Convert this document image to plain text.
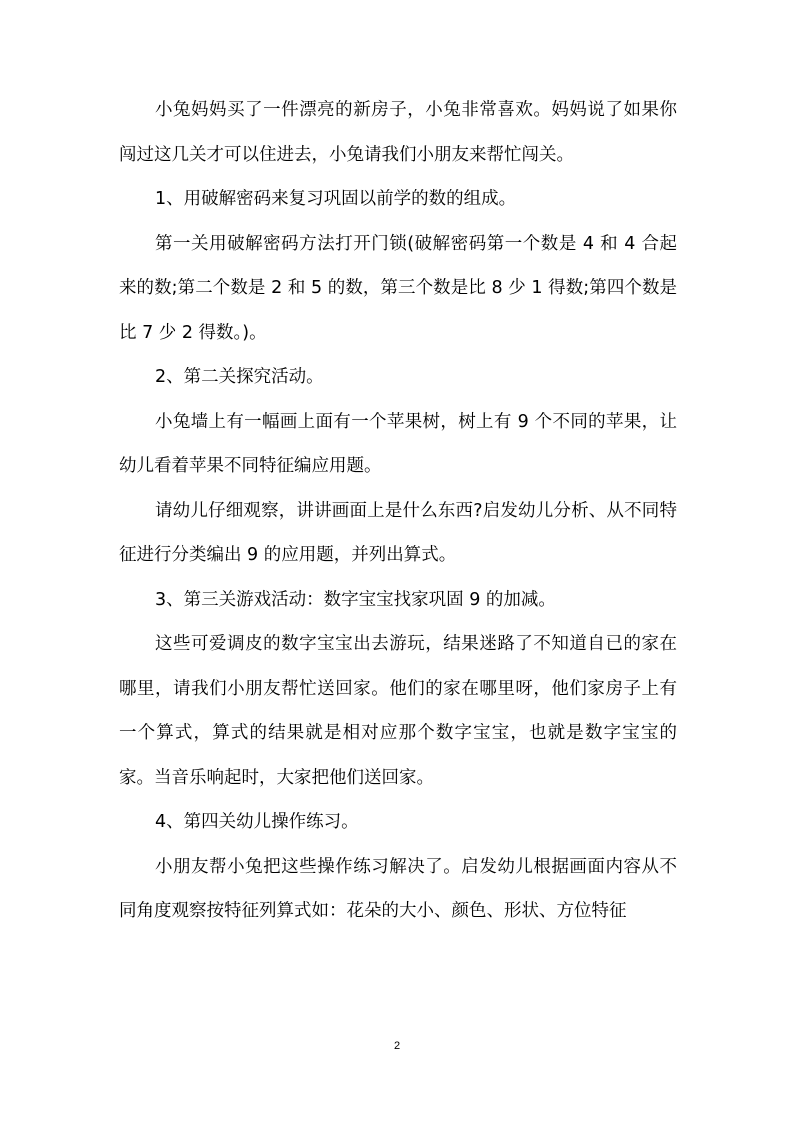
小兔妈妈买了一件漂亮的新房子，小兔非常喜欢。妈妈说了如果你闯过这几关才可以住进去，小兔请我们小朋友来帮忙闯关。

1、用破解密码来复习巩固以前学的数的组成。

第一关用破解密码方法打开门锁(破解密码第一个数是 4 和 4 合起来的数;第二个数是 2 和 5 的数，第三个数是比 8 少 1 得数;第四个数是比 7 少 2 得数。)。

2、第二关探究活动。

小兔墙上有一幅画上面有一个苹果树，树上有 9 个不同的苹果，让幼儿看着苹果不同特征编应用题。

请幼儿仔细观察，讲讲画面上是什么东西?启发幼儿分析、从不同特征进行分类编出 9 的应用题，并列出算式。

3、第三关游戏活动：数字宝宝找家巩固 9 的加减。

这些可爱调皮的数字宝宝出去游玩，结果迷路了不知道自已的家在哪里，请我们小朋友帮忙送回家。他们的家在哪里呀，他们家房子上有一个算式，算式的结果就是相对应那个数字宝宝，也就是数字宝宝的家。当音乐响起时，大家把他们送回家。

4、第四关幼儿操作练习。

小朋友帮小兔把这些操作练习解决了。启发幼儿根据画面内容从不同角度观察按特征列算式如：花朵的大小、颜色、形状、方位特征

2
